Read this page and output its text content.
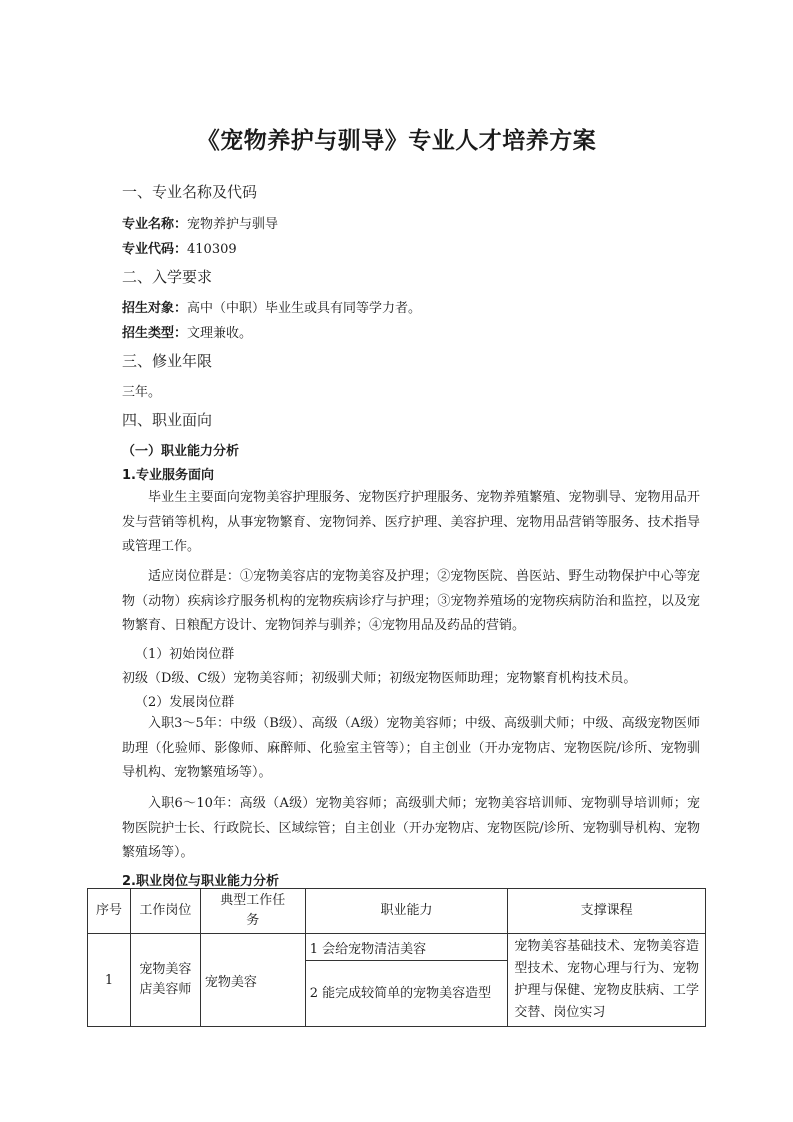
《宠物养护与驯导》专业人才培养方案
一、专业名称及代码
专业名称：宠物养护与驯导
专业代码：410309
二、入学要求
招生对象：高中（中职）毕业生或具有同等学力者。
招生类型：文理兼收。
三、修业年限
三年。
四、职业面向
（一）职业能力分析
1.专业服务面向
毕业生主要面向宠物美容护理服务、宠物医疗护理服务、宠物养殖繁殖、宠物驯导、宠物用品开发与营销等机构，从事宠物繁育、宠物饲养、医疗护理、美容护理、宠物用品营销等服务、技术指导或管理工作。
适应岗位群是：①宠物美容店的宠物美容及护理；②宠物医院、兽医站、野生动物保护中心等宠物（动物）疾病诊疗服务机构的宠物疾病诊疗与护理；③宠物养殖场的宠物疾病防治和监控，以及宠物繁育、日粮配方设计、宠物饲养与驯养；④宠物用品及药品的营销。
（1）初始岗位群
初级（D级、C级）宠物美容师；初级驯犬师；初级宠物医师助理；宠物繁育机构技术员。
（2）发展岗位群
入职3～5年：中级（B级）、高级（A级）宠物美容师；中级、高级驯犬师；中级、高级宠物医师助理（化验师、影像师、麻醉师、化验室主管等）；自主创业（开办宠物店、宠物医院/诊所、宠物驯导机构、宠物繁殖场等）。
入职6～10年：高级（A级）宠物美容师；高级驯犬师；宠物美容培训师、宠物驯导培训师；宠物医院护士长、行政院长、区域综管；自主创业（开办宠物店、宠物医院/诊所、宠物驯导机构、宠物繁殖场等）。
2.职业岗位与职业能力分析
序号	工作岗位	典型工作任务	职业能力	支撑课程
1	宠物美容店美容师	宠物美容	1 会给宠物清洁美容	宠物美容基础技术、宠物美容造型技术、宠物心理与行为、宠物护理与保健、宠物皮肤病、工学交替、岗位实习
			2 能完成较简单的宠物美容造型	
